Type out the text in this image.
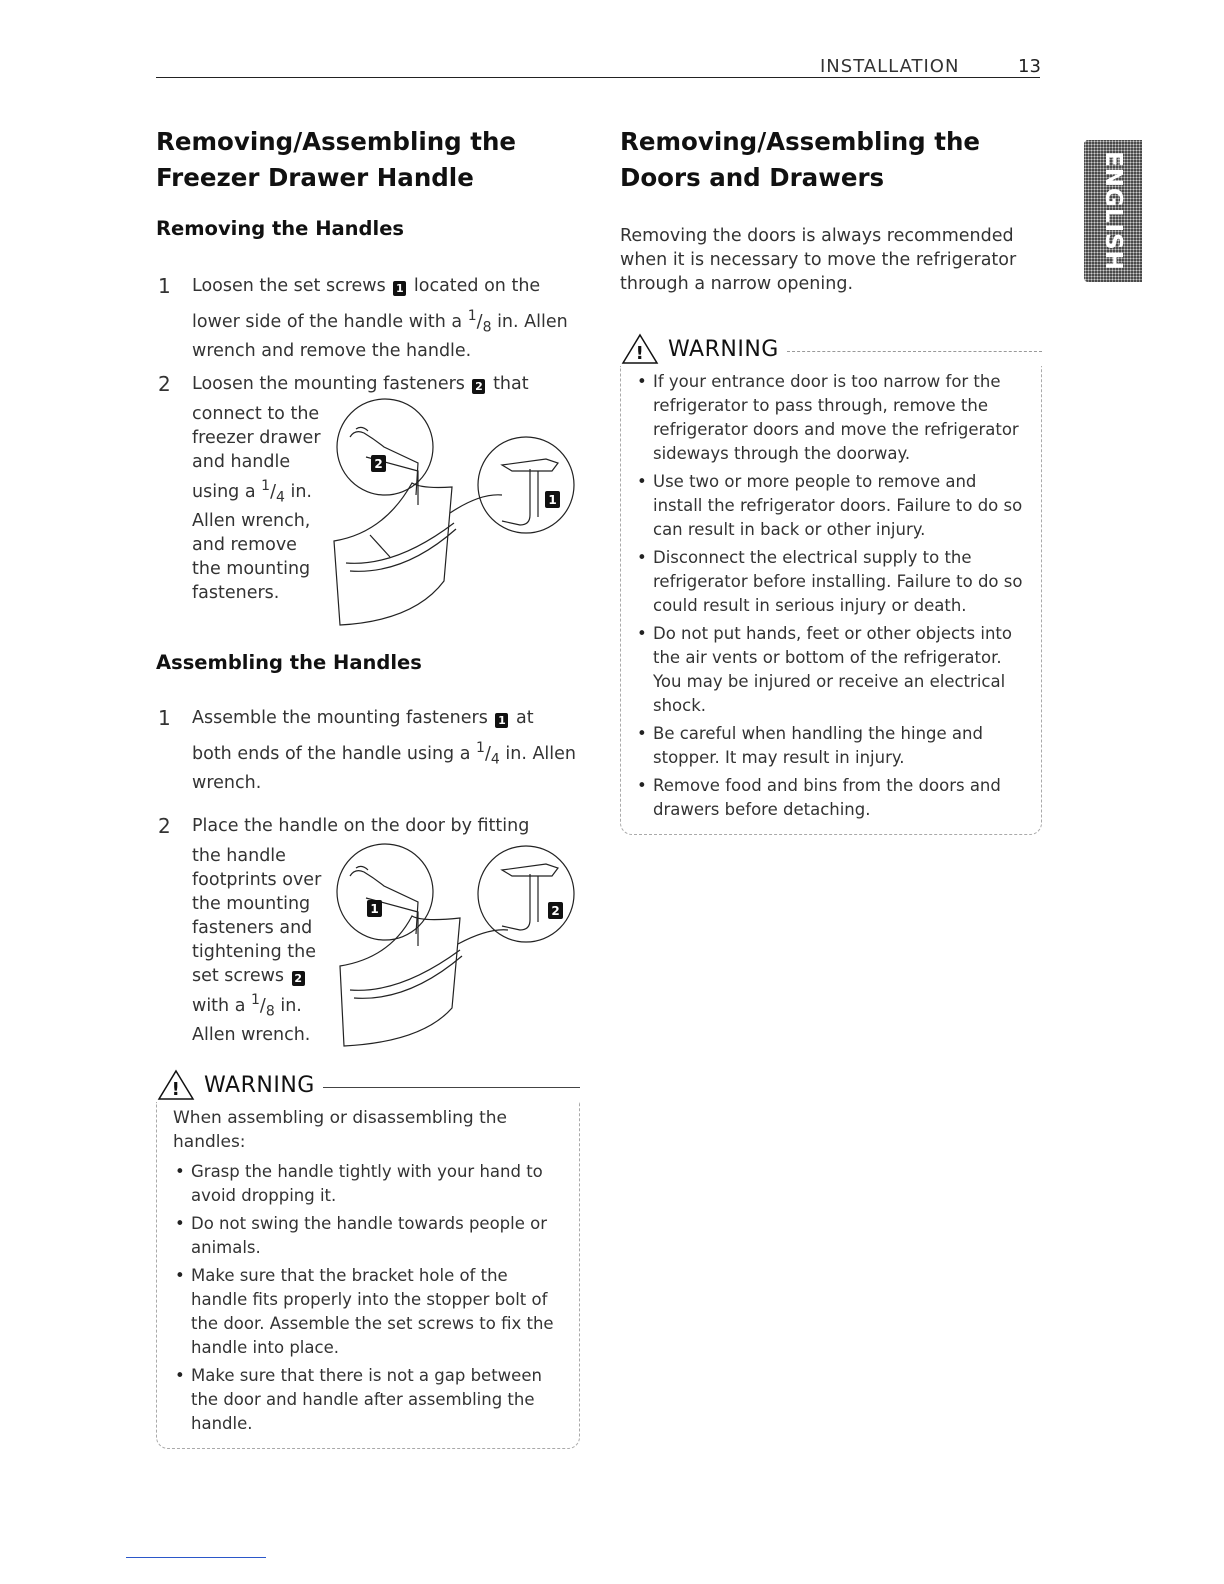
INSTALLATION	13
ENGLISH
Removing/Assembling the
Freezer Drawer Handle
Removing the Handles
1 Loosen the set screws 1 located on the
lower side of the handle with a $^1/_8$ in. Allen
wrench and remove the handle.
2 Loosen the mounting fasteners 2 that
connect to the
freezer drawer
and handle
using a $^1/_4$ in.
Allen wrench,
and remove
the mounting
fasteners.
2
1
Assembling the Handles
1 Assemble the mounting fasteners 1 at
both ends of the handle using a $^1/_4$ in. Allen
wrench.
2 Place the handle on the door by fitting
the handle
footprints over
the mounting
fasteners and
tightening the
set screws 2
with a $^1/_8$ in.
Allen wrench.
1	2
! WARNING
When assembling or disassembling the handles:
• Grasp the handle tightly with your hand to avoid dropping it.
• Do not swing the handle towards people or animals.
• Make sure that the bracket hole of the handle fits properly into the stopper bolt of the door. Assemble the set screws to fix the handle into place.
• Make sure that there is not a gap between the door and handle after assembling the handle.
Removing/Assembling the
Doors and Drawers
Removing the doors is always recommended when it is necessary to move the refrigerator through a narrow opening.
! WARNING
• If your entrance door is too narrow for the refrigerator to pass through, remove the refrigerator doors and move the refrigerator sideways through the doorway.
• Use two or more people to remove and install the refrigerator doors. Failure to do so can result in back or other injury.
• Disconnect the electrical supply to the refrigerator before installing. Failure to do so could result in serious injury or death.
• Do not put hands, feet or other objects into the air vents or bottom of the refrigerator. You may be injured or receive an electrical shock.
• Be careful when handling the hinge and stopper. It may result in injury.
• Remove food and bins from the doors and drawers before detaching.
